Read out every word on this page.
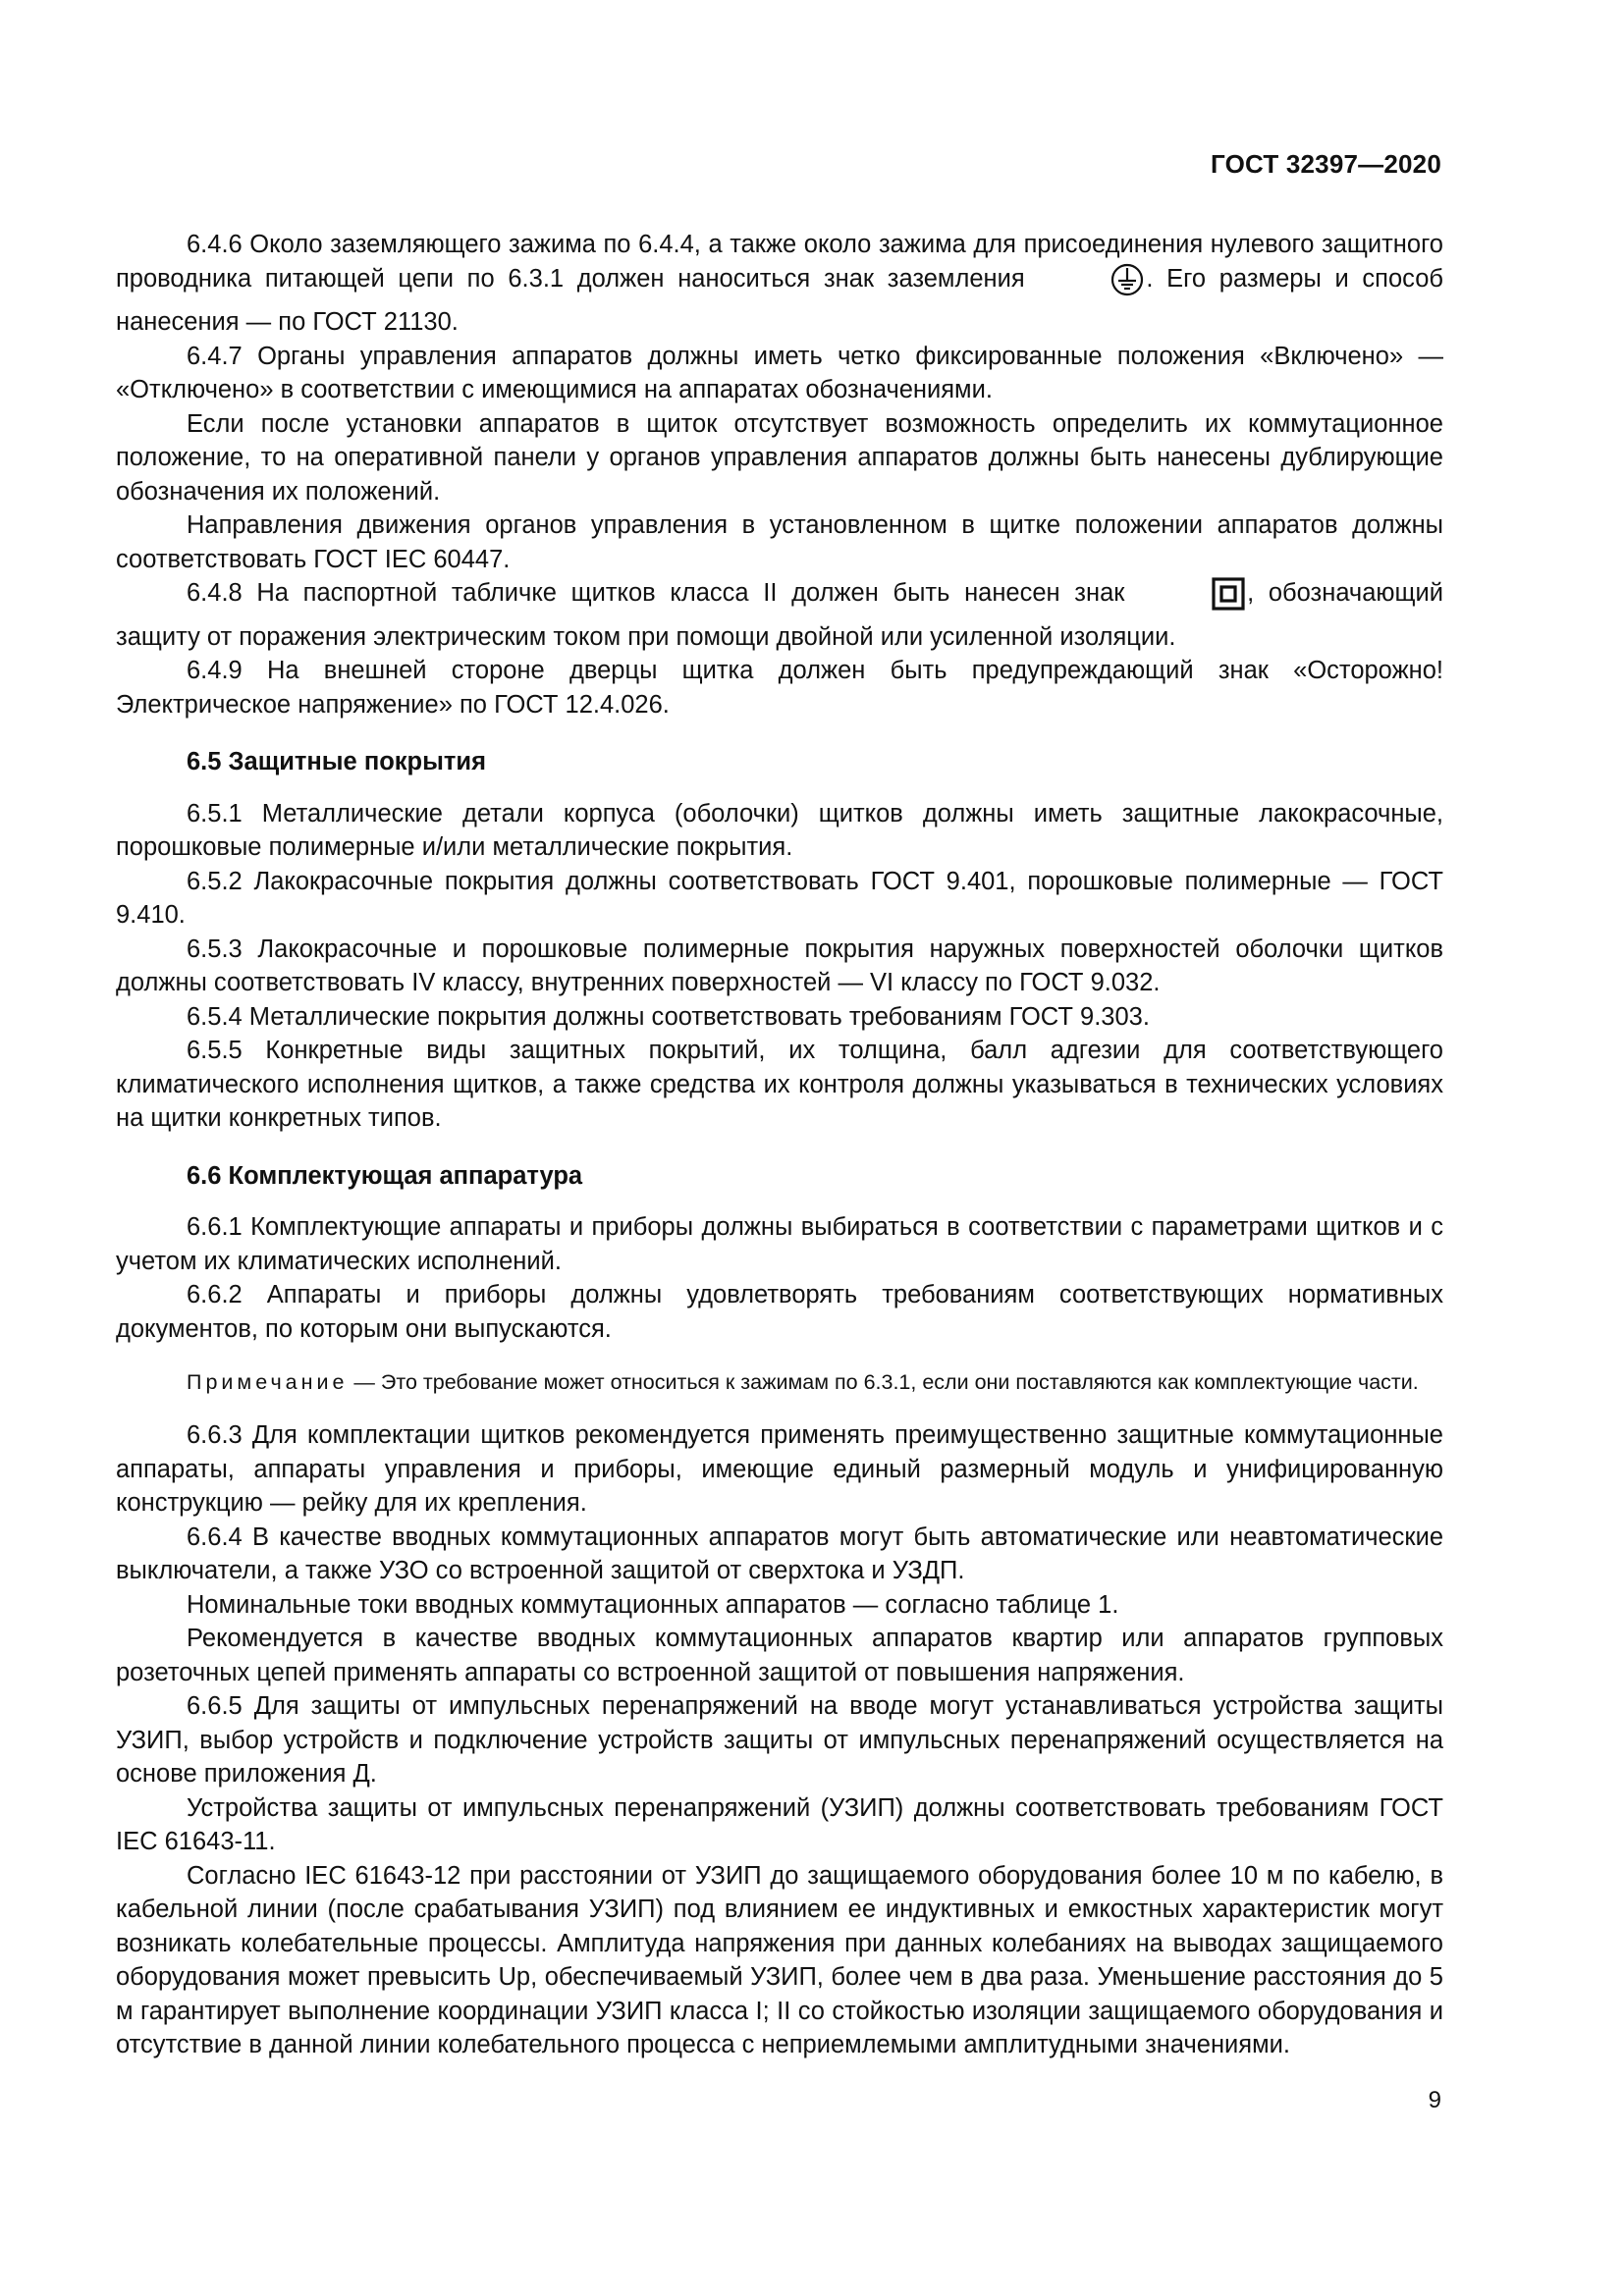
ГОСТ 32397—2020

6.4.6 Около заземляющего зажима по 6.4.4, а также около зажима для присоединения нулевого защитного проводника питающей цепи по 6.3.1 должен наноситься знак заземления	. Его размеры и способ нанесения — по ГОСТ 21130.

6.4.7 Органы управления аппаратов должны иметь четко фиксированные положения «Включено» — «Отключено» в соответствии с имеющимися на аппаратах обозначениями.

Если после установки аппаратов в щиток отсутствует возможность определить их коммутационное положение, то на оперативной панели у органов управления аппаратов должны быть нанесены дублирующие обозначения их положений.

Направления движения органов управления в установленном в щитке положении аппаратов должны соответствовать ГОСТ IEC 60447.

6.4.8 На паспортной табличке щитков класса II должен быть нанесен знак	, обозначающий защиту от поражения электрическим током при помощи двойной или усиленной изоляции.

6.4.9 На внешней стороне дверцы щитка должен быть предупреждающий знак «Осторожно! Электрическое напряжение» по ГОСТ 12.4.026.

6.5 Защитные покрытия

6.5.1 Металлические детали корпуса (оболочки) щитков должны иметь защитные лакокрасочные, порошковые полимерные и/или металлические покрытия.

6.5.2 Лакокрасочные покрытия должны соответствовать ГОСТ 9.401, порошковые полимерные — ГОСТ 9.410.

6.5.3 Лакокрасочные и порошковые полимерные покрытия наружных поверхностей оболочки щитков должны соответствовать IV классу, внутренних поверхностей — VI классу по ГОСТ 9.032.

6.5.4 Металлические покрытия должны соответствовать требованиям ГОСТ 9.303.

6.5.5 Конкретные виды защитных покрытий, их толщина, балл адгезии для соответствующего климатического исполнения щитков, а также средства их контроля должны указываться в технических условиях на щитки конкретных типов.

6.6 Комплектующая аппаратура

6.6.1 Комплектующие аппараты и приборы должны выбираться в соответствии с параметрами щитков и с учетом их климатических исполнений.

6.6.2 Аппараты и приборы должны удовлетворять требованиям соответствующих нормативных документов, по которым они выпускаются.

Примечание — Это требование может относиться к зажимам по 6.3.1, если они поставляются как комплектующие части.

6.6.3 Для комплектации щитков рекомендуется применять преимущественно защитные коммутационные аппараты, аппараты управления и приборы, имеющие единый размерный модуль и унифицированную конструкцию — рейку для их крепления.

6.6.4 В качестве вводных коммутационных аппаратов могут быть автоматические или неавтоматические выключатели, а также УЗО со встроенной защитой от сверхтока и УЗДП.

Номинальные токи вводных коммутационных аппаратов — согласно таблице 1.

Рекомендуется в качестве вводных коммутационных аппаратов квартир или аппаратов групповых розеточных цепей применять аппараты со встроенной защитой от повышения напряжения.

6.6.5 Для защиты от импульсных перенапряжений на вводе могут устанавливаться устройства защиты УЗИП, выбор устройств и подключение устройств защиты от импульсных перенапряжений осуществляется на основе приложения Д.

Устройства защиты от импульсных перенапряжений (УЗИП) должны соответствовать требованиям ГОСТ IEC 61643-11.

Согласно IEC 61643-12 при расстоянии от УЗИП до защищаемого оборудования более 10 м по кабелю, в кабельной линии (после срабатывания УЗИП) под влиянием ее индуктивных и емкостных характеристик могут возникать колебательные процессы. Амплитуда напряжения при данных колебаниях на выводах защищаемого оборудования может превысить Up, обеспечиваемый УЗИП, более чем в два раза. Уменьшение расстояния до 5 м гарантирует выполнение координации УЗИП класса I; II со стойкостью изоляции защищаемого оборудования и отсутствие в данной линии колебательного процесса с неприемлемыми амплитудными значениями.

9
